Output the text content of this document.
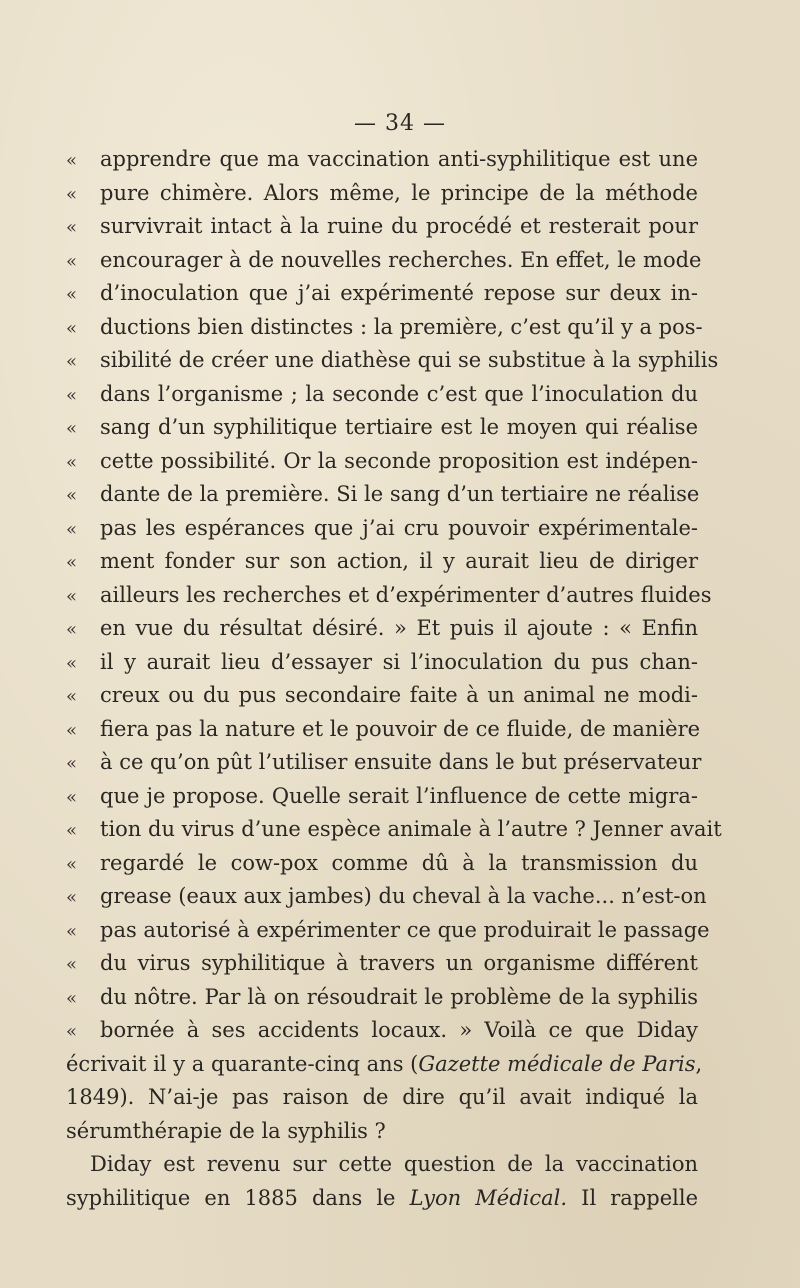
— 34 —
«	apprendre que ma vaccination anti-syphilitique est une
«	pure chimère. Alors même, le principe de la méthode
«	survivrait intact à la ruine du procédé et resterait pour
«	encourager à de nouvelles recherches. En effet, le mode
«	d’inoculation que j’ai expérimenté repose sur deux in-
«	ductions bien distinctes : la première, c’est qu’il y a pos-
«	sibilité de créer une diathèse qui se substitue à la syphilis
«	dans l’organisme ; la seconde c’est que l’inoculation du
«	sang d’un syphilitique tertiaire est le moyen qui réalise
«	cette possibilité. Or la seconde proposition est indépen-
«	dante de la première. Si le sang d’un tertiaire ne réalise
«	pas les espérances que j’ai cru pouvoir expérimentale-
«	ment fonder sur son action, il y aurait lieu de diriger
«	ailleurs les recherches et d’expérimenter d’autres fluides
«	en vue du résultat désiré. » Et puis il ajoute : « Enfin
«	il y aurait lieu d’essayer si l’inoculation du pus chan-
«	creux ou du pus secondaire faite à un animal ne modi-
«	fiera pas la nature et le pouvoir de ce fluide, de manière
«	à ce qu’on pût l’utiliser ensuite dans le but préservateur
«	que je propose. Quelle serait l’influence de cette migra-
«	tion du virus d’une espèce animale à l’autre ? Jenner avait
«	regardé le cow-pox comme dû à la transmission du
«	grease (eaux aux jambes) du cheval à la vache... n’est-on
«	pas autorisé à expérimenter ce que produirait le passage
«	du virus syphilitique à travers un organisme différent
«	du nôtre. Par là on résoudrait le problème de la syphilis
«	bornée à ses accidents locaux. » Voilà ce que Diday
écrivait il y a quarante-cinq ans (Gazette médicale de Paris,
1849). N’ai-je pas raison de dire qu’il avait indiqué la
sérumthérapie de la syphilis ?
Diday est revenu sur cette question de la vaccination
syphilitique en 1885 dans le Lyon Médical. Il rappelle
